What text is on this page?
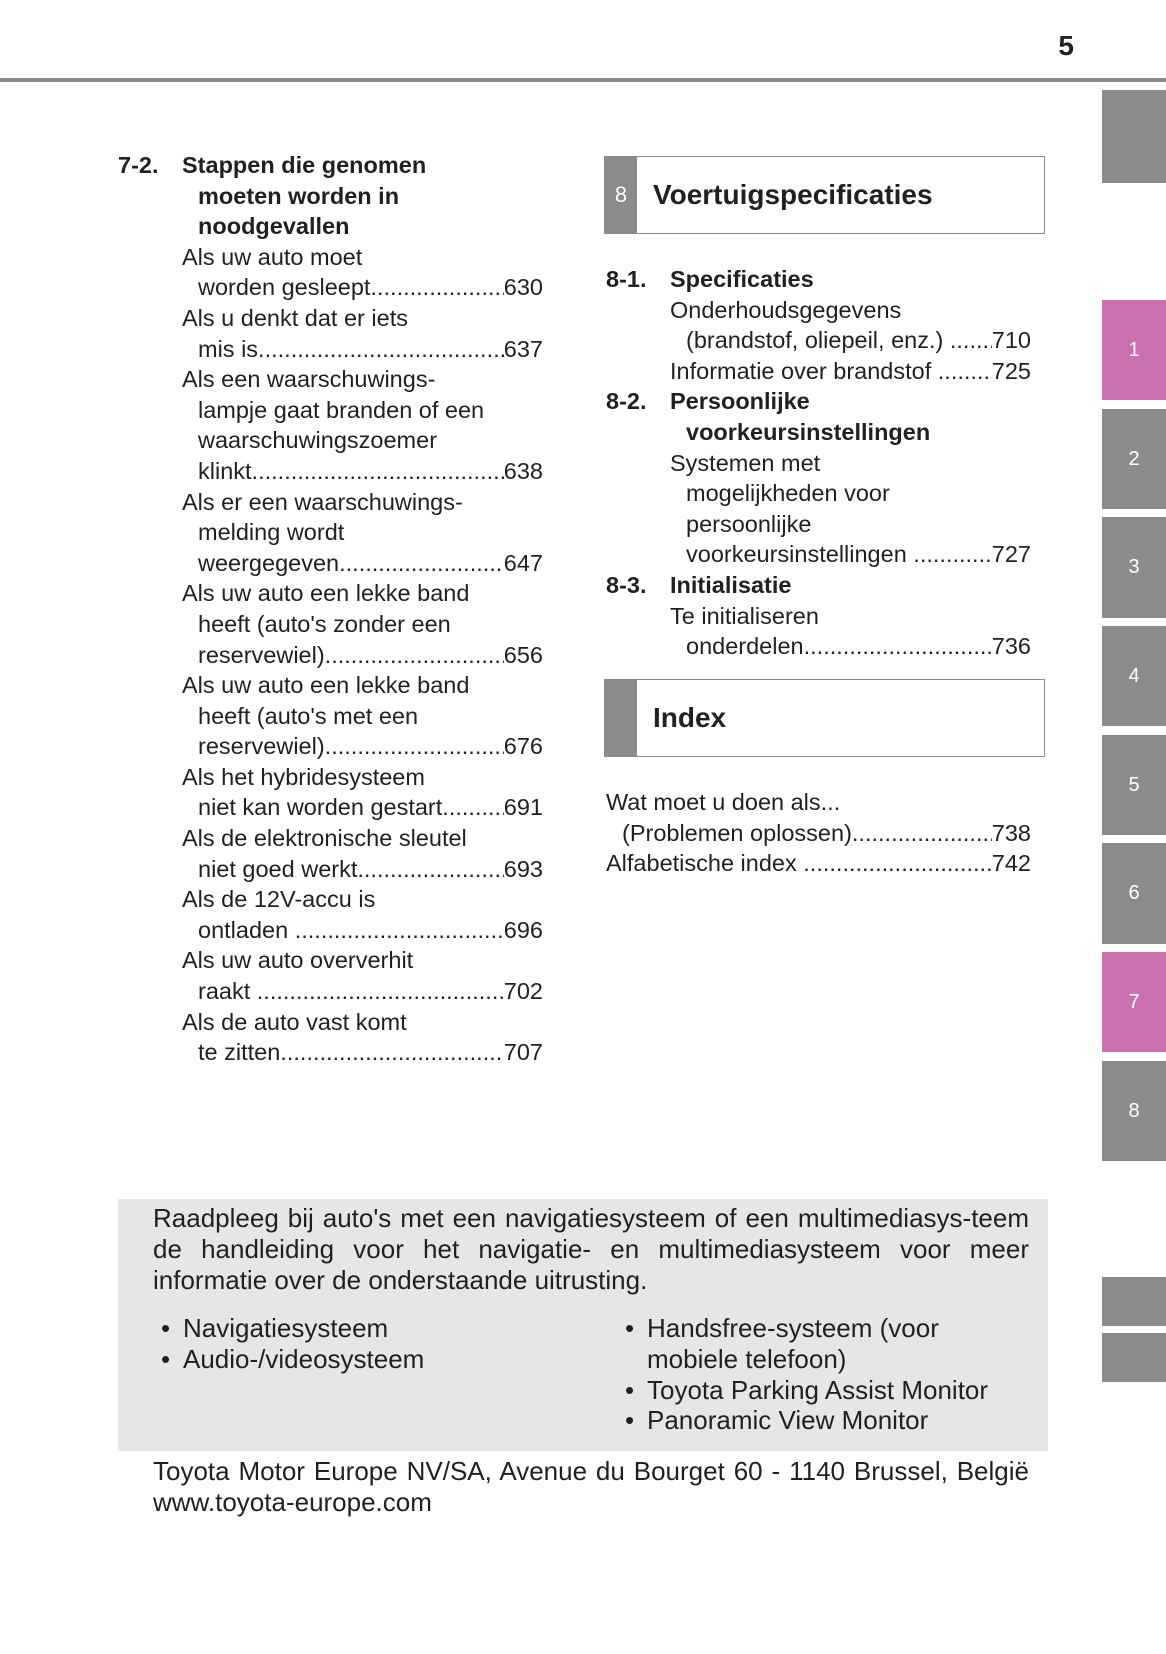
5
7-2. Stappen die genomen
moeten worden in
noodgevallen
Als uw auto moet
worden gesleept .....	630
Als u denkt dat er iets
mis is .....	637
Als een waarschuwings-
lampje gaat branden of een
waarschuwingszoemer
klinkt .....	638
Als er een waarschuwings-
melding wordt
weergegeven .....	647
Als uw auto een lekke band
heeft (auto's zonder een
reservewiel) .....	656
Als uw auto een lekke band
heeft (auto's met een
reservewiel) .....	676
Als het hybridesysteem
niet kan worden gestart .....	691
Als de elektronische sleutel
niet goed werkt .....	693
Als de 12V-accu is
ontladen .....	696
Als uw auto oververhit
raakt .....	702
Als de auto vast komt
te zitten .....	707
8 Voertuigspecificaties
8-1. Specificaties
Onderhoudsgegevens
(brandstof, oliepeil, enz.) ..... 710
Informatie over brandstof ..... 725
8-2. Persoonlijke
voorkeursinstellingen
Systemen met
mogelijkheden voor
persoonlijke
voorkeursinstellingen .....	727
8-3. Initialisatie
Te initialiseren
onderdelen .....	736
Index
Wat moet u doen als...
(Problemen oplossen) .....	738
Alfabetische index .....	742
1
2
3
4
5
6
7
8
Raadpleeg bij auto's met een navigatiesysteem of een multimediasys-teem de handleiding voor het navigatie- en multimediasysteem voor meer informatie over de onderstaande uitrusting.
• Navigatiesysteem
• Audio-/videosysteem
• Handsfree-systeem (voor mobiele telefoon)
• Toyota Parking Assist Monitor
• Panoramic View Monitor
Toyota Motor Europe NV/SA, Avenue du Bourget 60 - 1140 Brussel, België www.toyota-europe.com
